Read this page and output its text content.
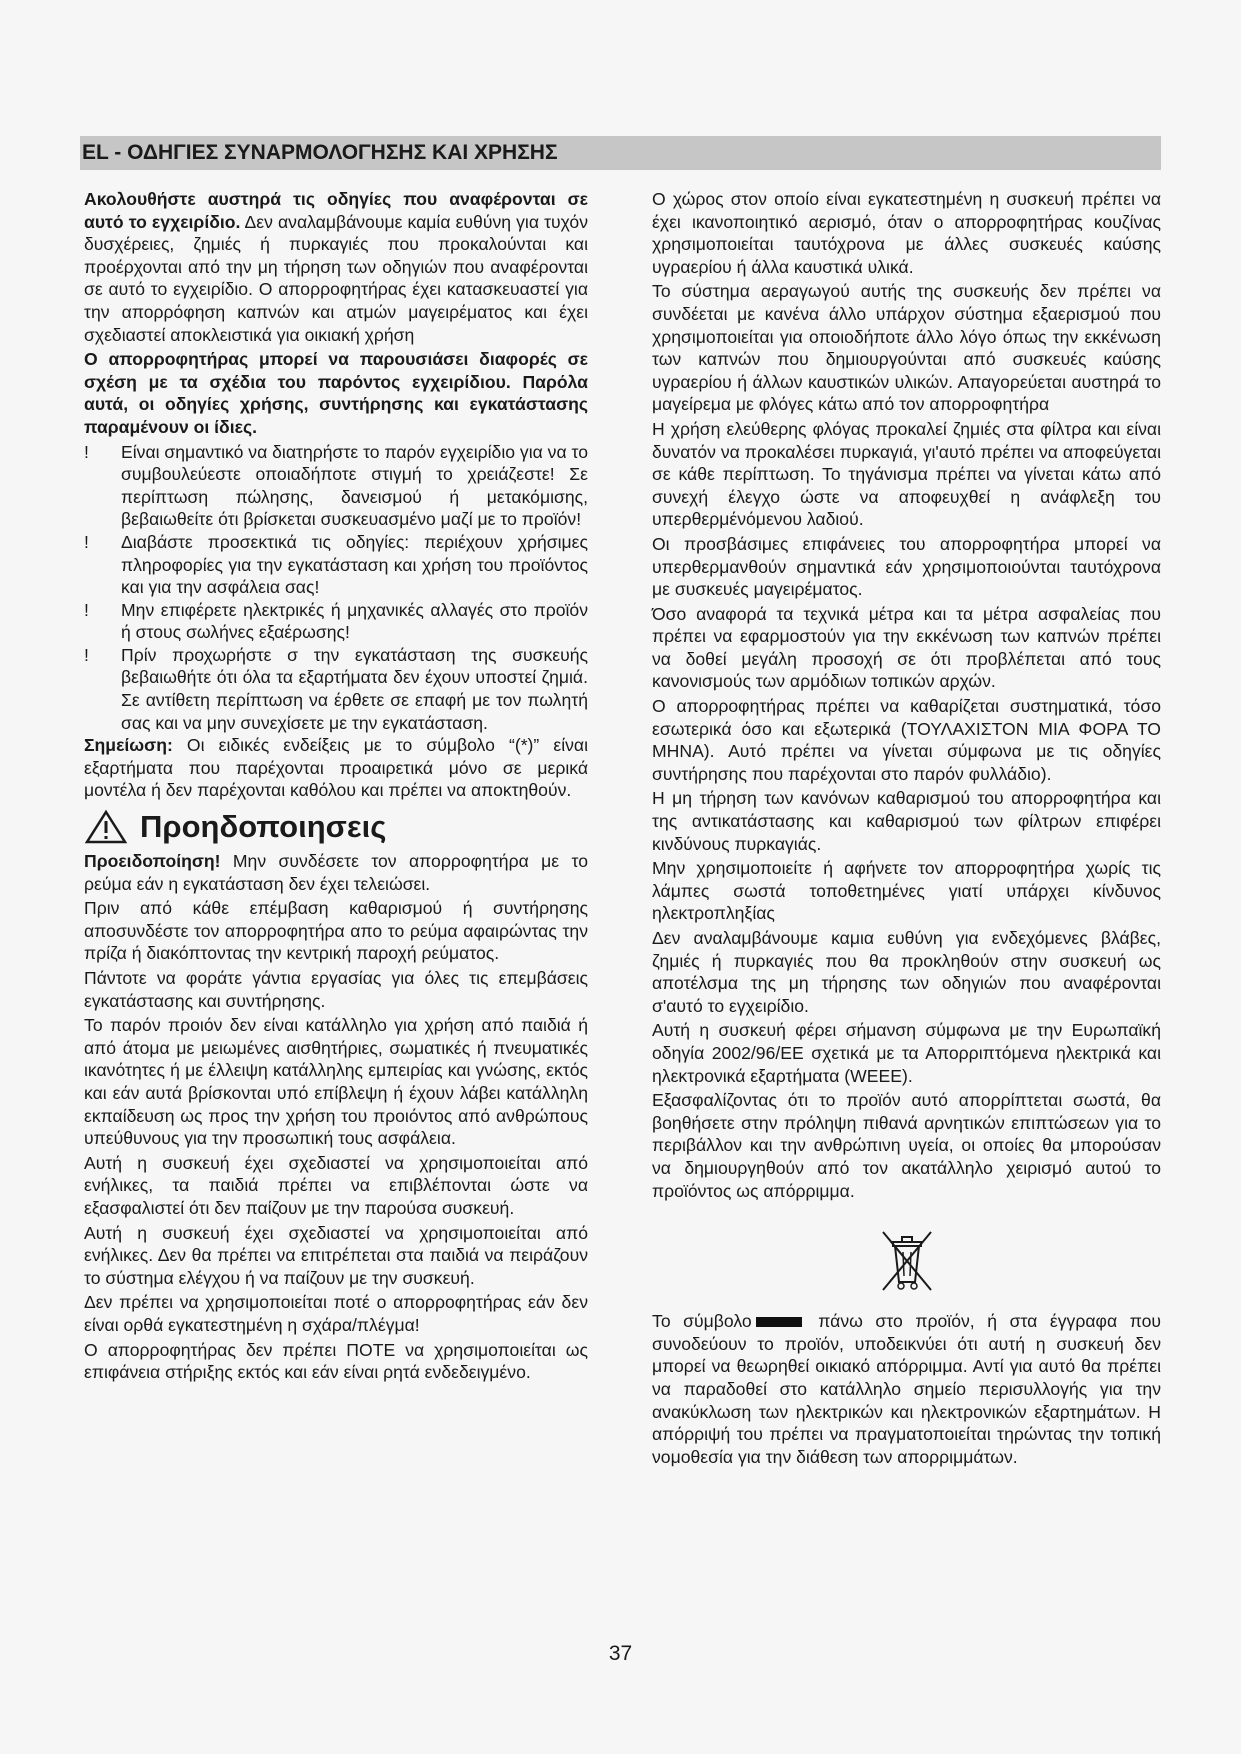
EL - ΟΔΗΓΙΕΣ ΣΥΝΑΡΜΟΛΟΓΗΣΗΣ ΚΑΙ ΧΡΗΣΗΣ

Ακολουθήστε αυστηρά τις οδηγίες που αναφέρονται σε αυτό το εγχειρίδιο. Δεν αναλαμβάνουμε καμία ευθύνη για τυχόν δυσχέρειες, ζημιές ή πυρκαγιές που προκαλούνται και προέρχονται από την μη τήρηση των οδηγιών που αναφέρονται σε αυτό το εγχειρίδιο. Ο απορροφητήρας έχει κατασκευαστεί για την απορρόφηση καπνών και ατμών μαγειρέματος και έχει σχεδιαστεί αποκλειστικά για οικιακή χρήση

Ο απορροφητήρας μπορεί να παρουσιάσει διαφορές σε σχέση με τα σχέδια του παρόντος εγχειρίδιου. Παρόλα αυτά, οι οδηγίες χρήσης, συντήρησης και εγκατάστασης παραμένουν οι ίδιες.

!	Είναι σημαντικό να διατηρήστε το παρόν εγχειρίδιο για να το συμβουλεύεστε οποιαδήποτε στιγμή το χρειάζεστε! Σε περίπτωση πώλησης, δανεισμού ή μετακόμισης, βεβαιωθείτε ότι βρίσκεται συσκευασμένο μαζί με το προϊόν!
!	Διαβάστε προσεκτικά τις οδηγίες: περιέχουν χρήσιμες πληροφορίες για την εγκατάσταση και χρήση του προϊόντος και για την ασφάλεια σας!
!	Μην επιφέρετε ηλεκτρικές ή μηχανικές αλλαγές στο προϊόν ή στους σωλήνες εξαέρωσης!
!	Πρίν προχωρήστε σ την εγκατάσταση της συσκευής βεβαιωθήτε ότι όλα τα εξαρτήματα δεν έχουν υποστεί ζημιά. Σε αντίθετη περίπτωση να έρθετε σε επαφή με τον πωλητή σας και να μην συνεχίσετε με την εγκατάσταση.

Σημείωση: Οι ειδικές ενδείξεις με το σύμβολο “(*)” είναι εξαρτήματα που παρέχονται προαιρετικά μόνο σε μερικά μοντέλα ή δεν παρέχονται καθόλου και πρέπει να αποκτηθούν.

Προηδοποιησεις

Προειδοποίηση! Μην συνδέσετε τον απορροφητήρα με το ρεύμα εάν η εγκατάσταση δεν έχει τελειώσει.

Πριν από κάθε επέμβαση καθαρισμού ή συντήρησης αποσυνδέστε τον απορροφητήρα απο το ρεύμα αφαιρώντας την πρίζα ή διακόπτοντας την κεντρική παροχή ρεύματος.

Πάντοτε να φοράτε γάντια εργασίας για όλες τις επεμβάσεις εγκατάστασης και συντήρησης.

Το παρόν προιόν δεν είναι κατάλληλο για χρήση από παιδιά ή από άτομα με μειωμένες αισθητήριες, σωματικές ή πνευματικές ικανότητες ή με έλλειψη κατάλληλης εμπειρίας και γνώσης, εκτός και εάν αυτά βρίσκονται υπό επίβλεψη ή έχουν λάβει κατάλληλη εκπαίδευση ως προς την χρήση του προιόντος από ανθρώπους υπεύθυνους για την προσωπική τους ασφάλεια.

Αυτή η συσκευή έχει σχεδιαστεί να χρησιμοποιείται από ενήλικες, τα παιδιά πρέπει να επιβλέπονται ώστε να εξασφαλιστεί ότι δεν παίζουν με την παρούσα συσκευή.

Αυτή η συσκευή έχει σχεδιαστεί να χρησιμοποιείται από ενήλικες. Δεν θα πρέπει να επιτρέπεται στα παιδιά να πειράζουν το σύστημα ελέγχου ή να παίζουν με την συσκευή.

Δεν πρέπει να χρησιμοποιείται ποτέ ο απορροφητήρας εάν δεν είναι ορθά εγκατεστημένη η σχάρα/πλέγμα!

Ο απορροφητήρας δεν πρέπει ΠΟΤΕ να χρησιμοποιείται ως επιφάνεια στήριξης εκτός και εάν είναι ρητά ενδεδειγμένο.

Ο χώρος στον οποίο είναι εγκατεστημένη η συσκευή πρέπει να έχει ικανοποιητικό αερισμό, όταν ο απορροφητήρας κουζίνας χρησιμοποιείται ταυτόχρονα με άλλες συσκευές καύσης υγραερίου ή άλλα καυστικά υλικά.

Το σύστημα αεραγωγού αυτής της συσκευής δεν πρέπει να συνδέεται με κανένα άλλο υπάρχον σύστημα εξαερισμού που χρησιμοποιείται για οποιοδήποτε άλλο λόγο όπως την εκκένωση των καπνών που δημιουργούνται από συσκευές καύσης υγραερίου ή άλλων καυστικών υλικών. Απαγορεύεται αυστηρά το μαγείρεμα με φλόγες κάτω από τον απορροφητήρα

Η χρήση ελεύθερης φλόγας προκαλεί ζημιές στα φίλτρα και είναι δυνατόν να προκαλέσει πυρκαγιά, γι'αυτό πρέπει να αποφεύγεται σε κάθε περίπτωση. Το τηγάνισμα πρέπει να γίνεται κάτω από συνεχή έλεγχο ώστε να αποφευχθεί η ανάφλεξη του υπερθερμένόμενου λαδιού.

Οι προσβάσιμες επιφάνειες του απορροφητήρα μπορεί να υπερθερμανθούν σημαντικά εάν χρησιμοποιούνται ταυτόχρονα με συσκευές μαγειρέματος.

Όσο αναφορά τα τεχνικά μέτρα και τα μέτρα ασφαλείας που πρέπει να εφαρμοστούν για την εκκένωση των καπνών πρέπει να δοθεί μεγάλη προσοχή σε ότι προβλέπεται από τους κανονισμούς των αρμόδιων τοπικών αρχών.

Ο απορροφητήρας πρέπει να καθαρίζεται συστηματικά, τόσο εσωτερικά όσο και εξωτερικά (ΤΟΥΛΑΧΙΣΤΟΝ ΜΙΑ ΦΟΡΑ ΤΟ ΜΗΝΑ). Αυτό πρέπει να γίνεται σύμφωνα με τις οδηγίες συντήρησης που παρέχονται στο παρόν φυλλάδιο).

Η μη τήρηση των κανόνων καθαρισμού του απορροφητήρα και της αντικατάστασης και καθαρισμού των φίλτρων επιφέρει κινδύνους πυρκαγιάς.

Μην χρησιμοποιείτε ή αφήνετε τον απορροφητήρα χωρίς τις λάμπες σωστά τοποθετημένες γιατί υπάρχει κίνδυνος ηλεκτροπληξίας

Δεν αναλαμβάνουμε καμια ευθύνη για ενδεχόμενες βλάβες, ζημιές ή πυρκαγιές που θα προκληθούν στην συσκευή ως αποτέλσμα της μη τήρησης των οδηγιών που αναφέρονται σ'αυτό το εγχειρίδιο.

Αυτή η συσκευή φέρει σήμανση σύμφωνα με την Ευρωπαϊκή οδηγία 2002/96/ΕΕ σχετικά με τα Απορριπτόμενα ηλεκτρικά και ηλεκτρονικά εξαρτήματα (WEEE).

Εξασφαλίζοντας ότι το προϊόν αυτό απορρίπτεται σωστά, θα βοηθήσετε στην πρόληψη πιθανά αρνητικών επιπτώσεων για το περιβάλλον και την ανθρώπινη υγεία, οι οποίες θα μπορούσαν να δημιουργηθούν από τον ακατάλληλο χειρισμό αυτού το προϊόντος ως απόρριμμα.

Το σύμβολο	πάνω στο προϊόν, ή στα έγγραφα που συνοδεύουν το προϊόν, υποδεικνύει ότι αυτή η συσκευή δεν μπορεί να θεωρηθεί οικιακό απόρριμμα. Αντί για αυτό θα πρέπει να παραδοθεί στο κατάλληλο σημείο περισυλλογής για την ανακύκλωση των ηλεκτρικών και ηλεκτρονικών εξαρτημάτων. Η απόρριψή του πρέπει να πραγματοποιείται τηρώντας την τοπική νομοθεσία για την διάθεση των απορριμμάτων.

37
